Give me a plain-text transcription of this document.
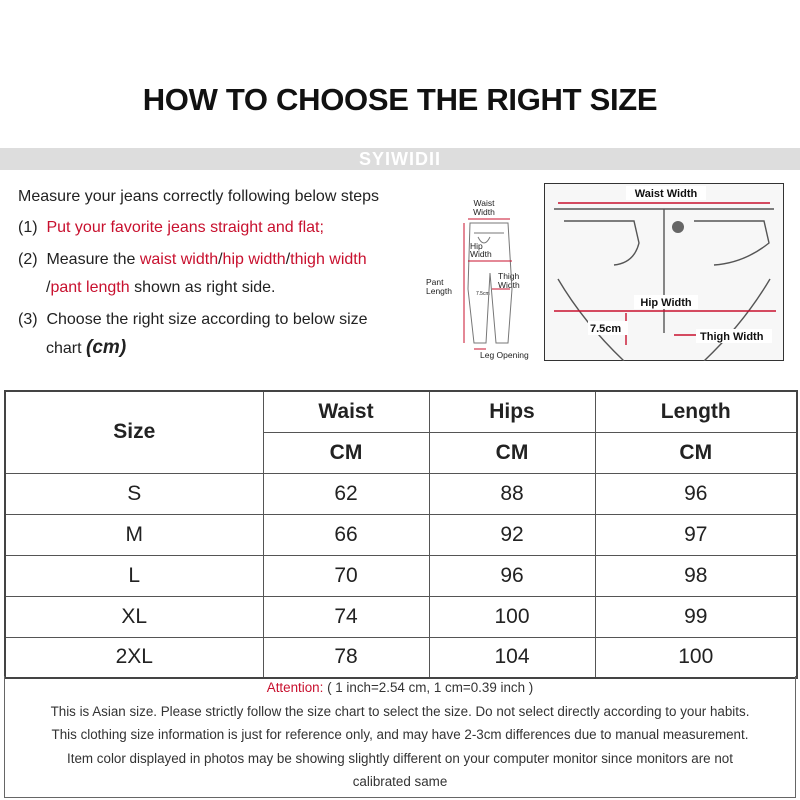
HOW TO CHOOSE THE RIGHT SIZE
SYIWIDII
Measure your jeans correctly following below steps
(1) Put your favorite jeans straight and flat;
(2) Measure the waist width/hip width/thigh width
/pant length shown as right side.
(3) Choose the right size according to below size
chart (cm)
Waist
Width
Hip
Width
Pant
Length
Thigh
Width
7.5cm
Leg Opening
Waist Width
Hip Width
7.5cm
Thigh Width
Size	Waist	Hips	Length
	CM	CM	CM
S	62	88	96
M	66	92	97
L	70	96	98
XL	74	100	99
2XL	78	104	100
Attention: ( 1 inch=2.54 cm, 1 cm=0.39 inch )
This is Asian size. Please strictly follow the size chart to select the size. Do not select directly according to your habits.
This clothing size information is just for reference only, and may have 2-3cm differences due to manual measurement.
Item color displayed in photos may be showing slightly different on your computer monitor since monitors are not
calibrated same
